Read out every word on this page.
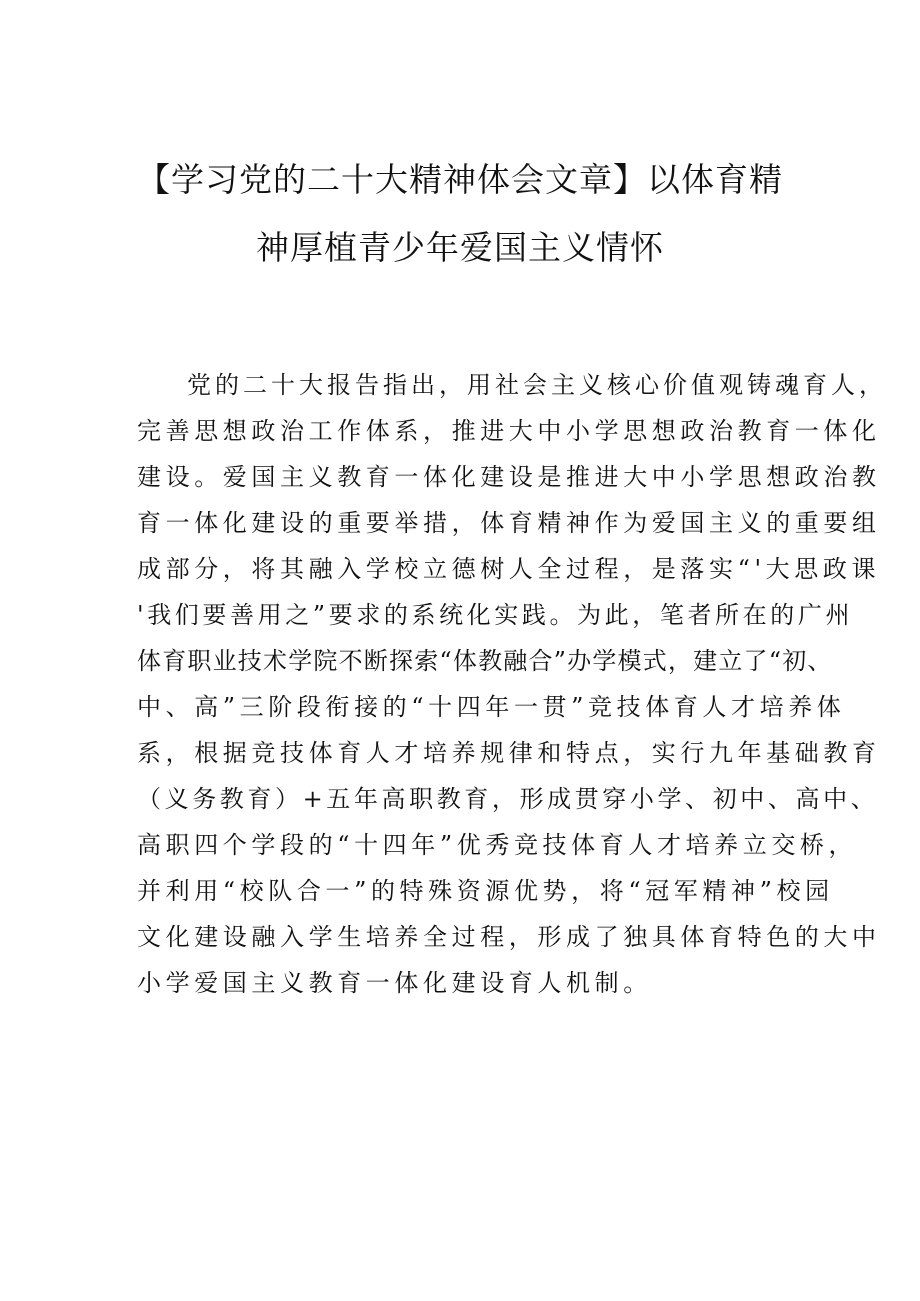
【学习党的二十大精神体会文章】以体育精
神厚植青少年爱国主义情怀
党的二十大报告指出，用社会主义核心价值观铸魂育人，
完善思想政治工作体系，推进大中小学思想政治教育一体化
建设。爱国主义教育一体化建设是推进大中小学思想政治教
育一体化建设的重要举措，体育精神作为爱国主义的重要组
成部分，将其融入学校立德树人全过程，是落实“'大思政课
'我们要善用之”要求的系统化实践。为此，笔者所在的广州
体育职业技术学院不断探索“体教融合”办学模式，建立了“初、
中、高”三阶段衔接的“十四年一贯”竞技体育人才培养体
系，根据竞技体育人才培养规律和特点，实行九年基础教育
（义务教育）+五年高职教育，形成贯穿小学、初中、高中、
高职四个学段的“十四年”优秀竞技体育人才培养立交桥，
并利用“校队合一”的特殊资源优势，将“冠军精神”校园
文化建设融入学生培养全过程，形成了独具体育特色的大中
小学爱国主义教育一体化建设育人机制。
